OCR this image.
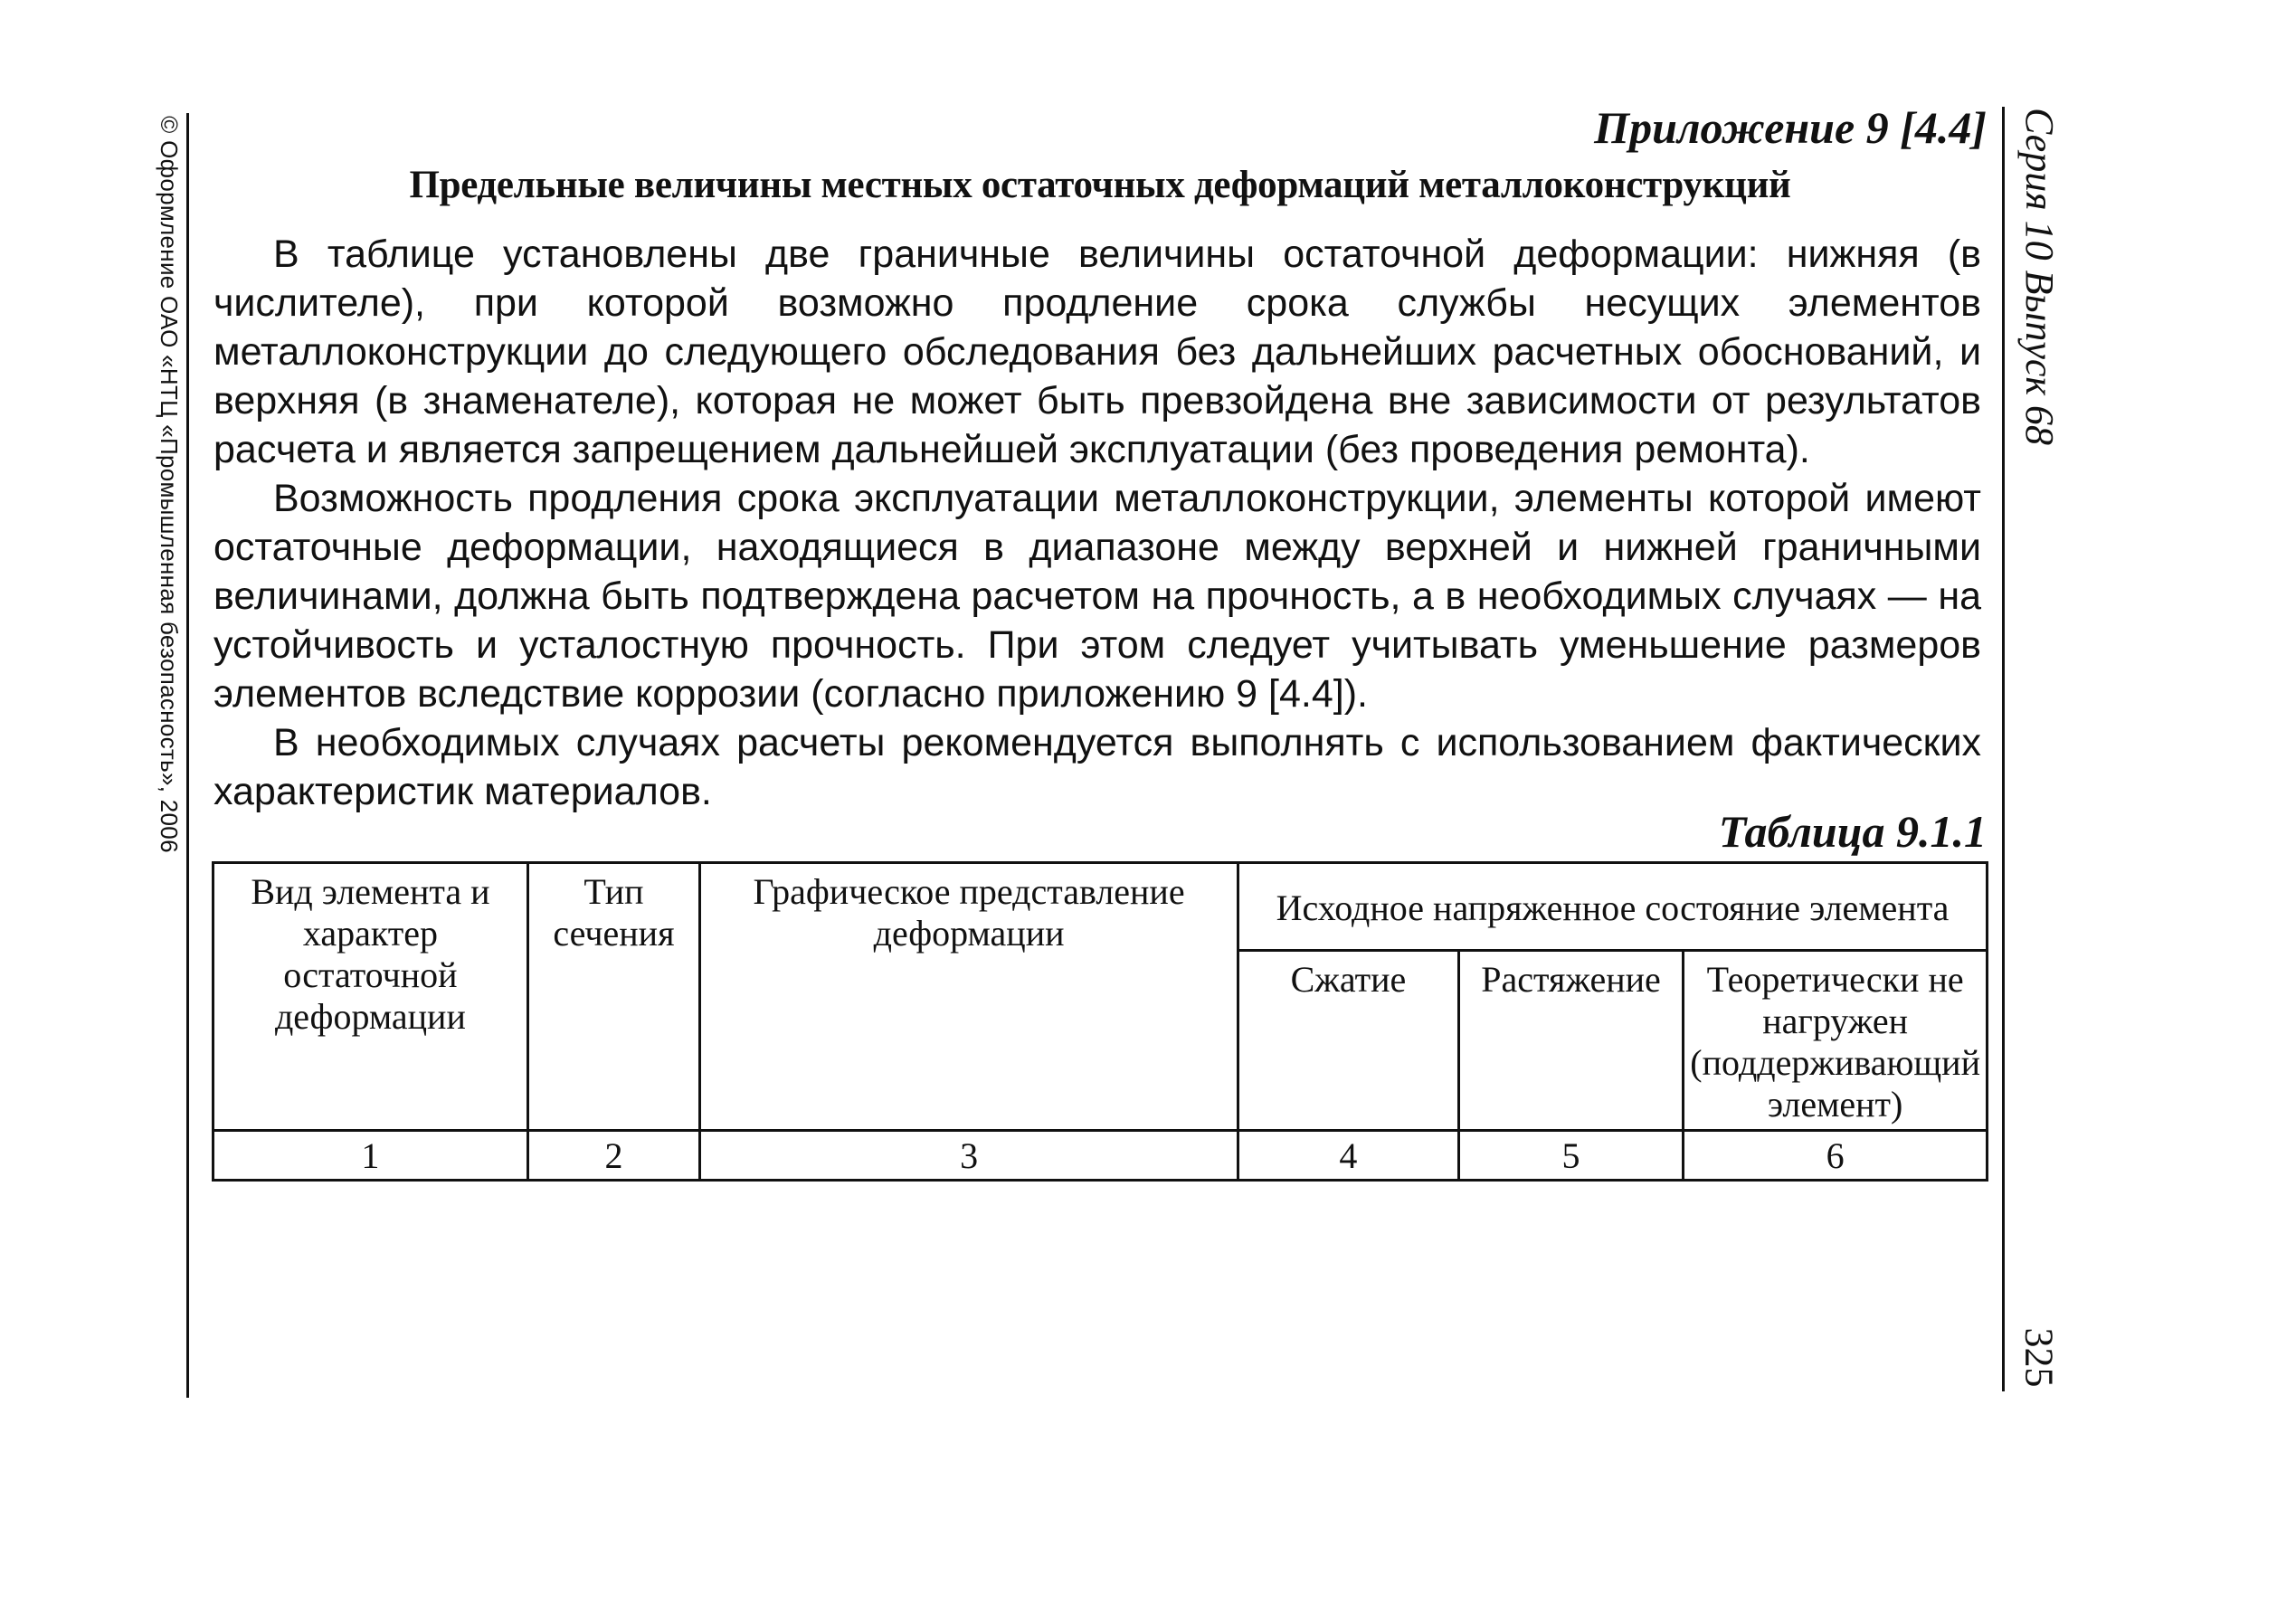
© Оформление ОАО «НТЦ «Промышленная безопасность», 2006	Серия 10 Выпуск 68
325
Приложение 9 [4.4]
Предельные величины местных остаточных деформаций металлоконструкций

В таблице установлены две граничные величины остаточной деформации: нижняя (в числителе), при которой возможно продление срока службы несущих элементов металлоконструкции до следующего обследования без дальнейших расчетных обоснований, и верхняя (в знаменателе), которая не может быть превзойдена вне зависимости от результатов расчета и является запрещением дальнейшей эксплуатации (без проведения ремонта).

Возможность продления срока эксплуатации металлоконструкции, элементы которой имеют остаточные деформации, находящиеся в диапазоне между верхней и нижней граничными величинами, должна быть подтверждена расчетом на прочность, а в необходимых случаях — на устойчивость и усталостную прочность. При этом следует учитывать уменьшение размеров элементов вследствие коррозии (согласно приложению 9 [4.4]).

В необходимых случаях расчеты рекомендуется выполнять с использованием фактических характеристик материалов.

Таблица 9.1.1
Вид элемента и характер остаточной деформации	Тип сечения	Графическое представление деформации	Исходное напряженное состояние элемента		
			Сжатие	Растяжение	Теоретически не нагружен (поддерживающий элемент)
1	2	3	4	5	6
